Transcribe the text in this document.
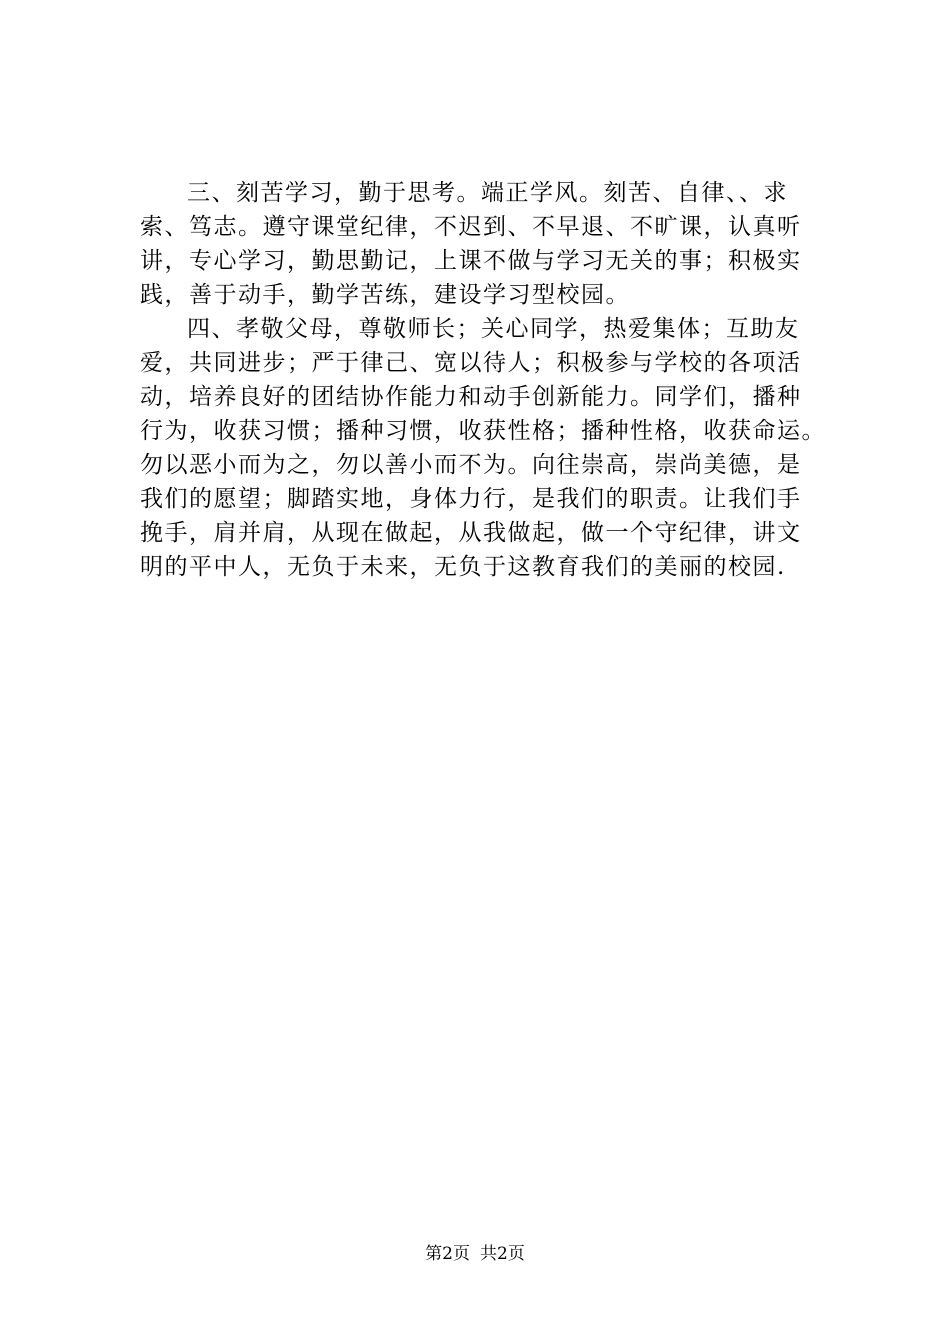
三、刻苦学习，勤于思考。端正学风。刻苦、自律、、求
索、笃志。遵守课堂纪律，不迟到、不早退、不旷课，认真听
讲，专心学习，勤思勤记，上课不做与学习无关的事；积极实
践，善于动手，勤学苦练，建设学习型校园。
四、孝敬父母，尊敬师长；关心同学，热爱集体；互助友
爱，共同进步；严于律己、宽以待人；积极参与学校的各项活
动，培养良好的团结协作能力和动手创新能力。同学们，播种
行为，收获习惯；播种习惯，收获性格；播种性格，收获命运。
勿以恶小而为之，勿以善小而不为。向往崇高，崇尚美德，是
我们的愿望；脚踏实地，身体力行，是我们的职责。让我们手
挽手，肩并肩，从现在做起，从我做起，做一个守纪律，讲文
明的平中人，无负于未来，无负于这教育我们的美丽的校园.
第2页 共2页
